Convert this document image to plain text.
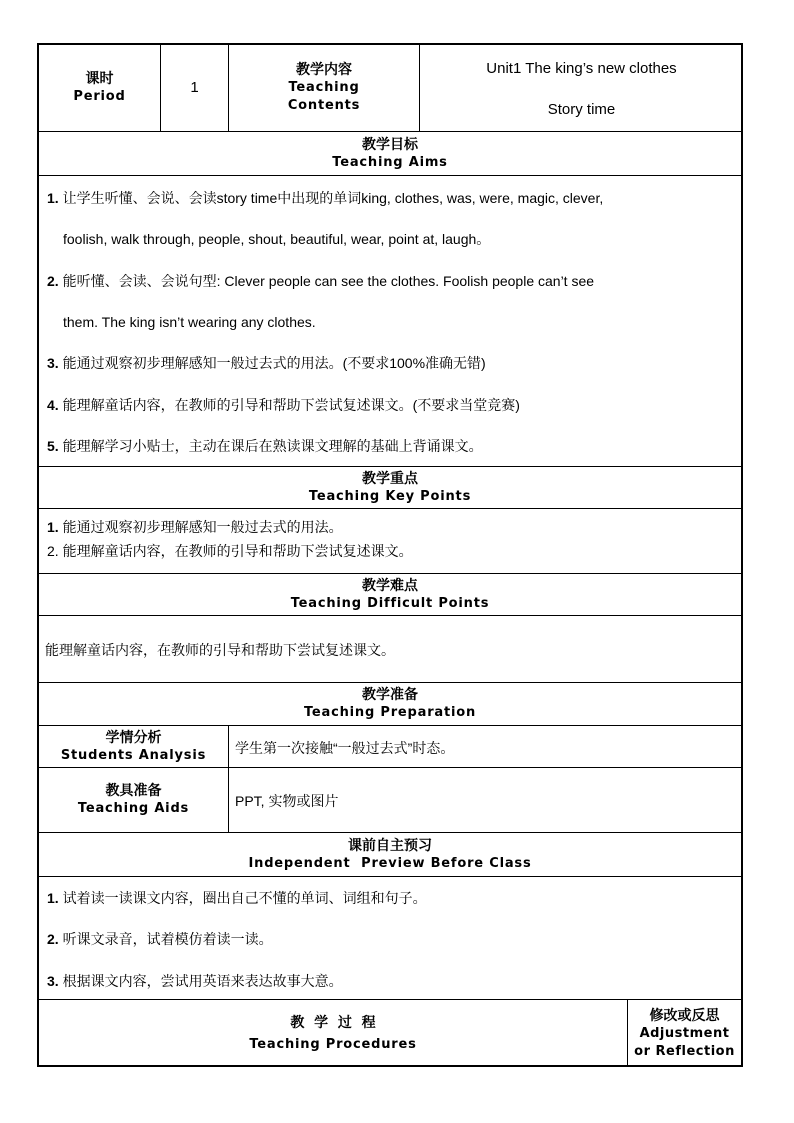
课时
Period
1
教学内容
Teaching
Contents
Unit1 The king’s new clothes
Story time
教学目标
Teaching Aims
1. 让学生听懂、会说、会读story time中出现的单词king, clothes, was, were, magic, clever,
foolish, walk through, people, shout, beautiful, wear, point at, laugh。
2. 能听懂、会读、会说句型: Clever people can see the clothes. Foolish people can’t see
them. The king isn’t wearing any clothes.
3. 能通过观察初步理解感知一般过去式的用法。(不要求100%准确无错)
4. 能理解童话内容，在教师的引导和帮助下尝试复述课文。(不要求当堂竞赛)
5. 能理解学习小贴士，主动在课后在熟读课文理解的基础上背诵课文。
教学重点
Teaching Key Points
1. 能通过观察初步理解感知一般过去式的用法。
2. 能理解童话内容，在教师的引导和帮助下尝试复述课文。
教学难点
Teaching Difficult Points
能理解童话内容，在教师的引导和帮助下尝试复述课文。
教学准备
Teaching Preparation
学情分析
Students Analysis 学生第一次接触“一般过去式”时态。
教具准备
Teaching Aids	PPT, 实物或图片
课前自主预习
Independent  Preview Before Class
1. 试着读一读课文内容，圈出自己不懂的单词、词组和句子。
2. 听课文录音，试着模仿着读一读。
3. 根据课文内容，尝试用英语来表达故事大意。
教  学  过  程
Teaching Procedures
修改或反思
Adjustment
or Reflection
